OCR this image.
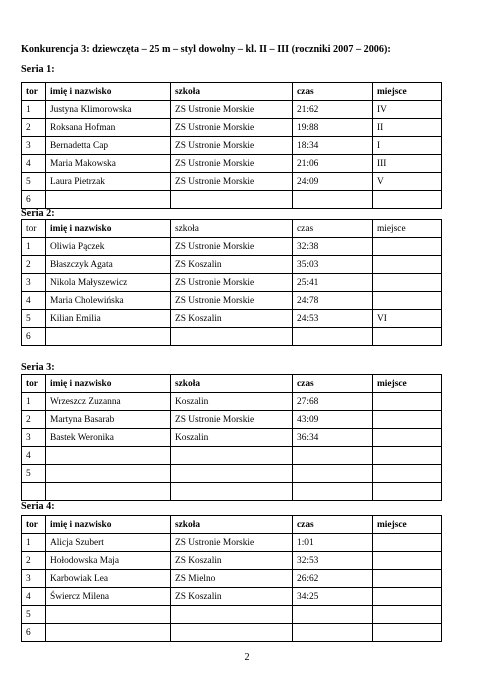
Konkurencja 3: dziewczęta – 25 m – styl dowolny – kl. II – III (roczniki 2007 – 2006):
Seria 1:
tor	imię i nazwisko	szkoła	czas	miejsce
1	Justyna Klimorowska	ZS Ustronie Morskie	21:62	IV
2	Roksana Hofman	ZS Ustronie Morskie	19:88	II
3	Bernadetta Cap	ZS Ustronie Morskie	18:34	I
4	Maria Makowska	ZS Ustronie Morskie	21:06	III
5	Laura Pietrzak	ZS Ustronie Morskie	24:09	V
6				
Seria 2:
tor	imię i nazwisko	szkoła	czas	miejsce
1	Oliwia Pączek	ZS Ustronie Morskie	32:38	
2	Błaszczyk Agata	ZS Koszalin	35:03	
3	Nikola Małyszewicz	ZS Ustronie Morskie	25:41	
4	Maria Cholewińska	ZS Ustronie Morskie	24:78	
5	Kilian Emilia	ZS Koszalin	24:53	VI
6				
Seria 3:
tor	imię i nazwisko	szkoła	czas	miejsce
1	Wrzeszcz Zuzanna	Koszalin	27:68	
2	Martyna Basarab	ZS Ustronie Morskie	43:09	
3	Bastek Weronika	Koszalin	36:34	
4				
5				

Seria 4:
tor	imię i nazwisko	szkoła	czas	miejsce
1	Alicja Szubert	ZS Ustronie Morskie	1:01	
2	Hołodowska Maja	ZS Koszalin	32:53	
3	Karbowiak Lea	ZS Mielno	26:62	
4	Świercz Milena	ZS Koszalin	34:25	
5				
6				
2
